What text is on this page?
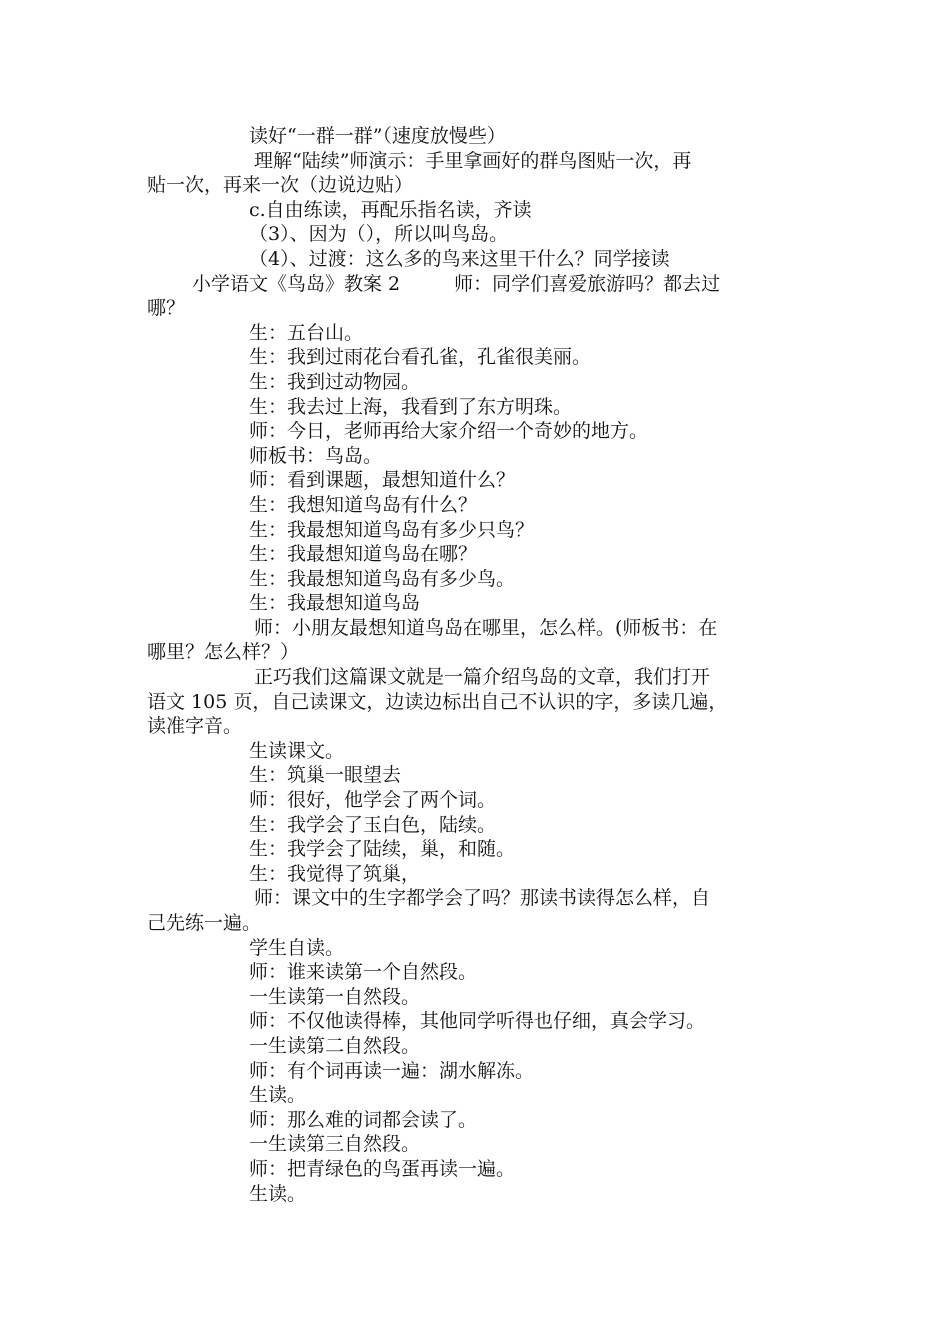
读好“一群一群”（速度放慢些）
理解“陆续”师演示：手里拿画好的群鸟图贴一次，再
贴一次，再来一次（边说边贴）
c.自由练读，再配乐指名读，齐读
（3）、因为（），所以叫鸟岛。
（4）、过渡：这么多的鸟来这里干什么？同学接读
小学语文《鸟岛》教案 2	师：同学们喜爱旅游吗？都去过
哪？
生：五台山。
生：我到过雨花台看孔雀，孔雀很美丽。
生：我到过动物园。
生：我去过上海，我看到了东方明珠。
师：今日，老师再给大家介绍一个奇妙的地方。
师板书：鸟岛。
师：看到课题，最想知道什么？
生：我想知道鸟岛有什么？
生：我最想知道鸟岛有多少只鸟？
生：我最想知道鸟岛在哪？
生：我最想知道鸟岛有多少鸟。
生：我最想知道鸟岛
师：小朋友最想知道鸟岛在哪里，怎么样。(师板书：在
哪里？怎么样？）
正巧我们这篇课文就是一篇介绍鸟岛的文章，我们打开
语文 105 页，自己读课文，边读边标出自己不认识的字，多读几遍，
读准字音。
生读课文。
生：筑巢一眼望去
师：很好，他学会了两个词。
生：我学会了玉白色，陆续。
生：我学会了陆续，巢，和随。
生：我觉得了筑巢，
师：课文中的生字都学会了吗？那读书读得怎么样，自
己先练一遍。
学生自读。
师：谁来读第一个自然段。
一生读第一自然段。
师：不仅他读得棒，其他同学听得也仔细，真会学习。
一生读第二自然段。
师：有个词再读一遍：湖水解冻。
生读。
师：那么难的词都会读了。
一生读第三自然段。
师：把青绿色的鸟蛋再读一遍。
生读。
